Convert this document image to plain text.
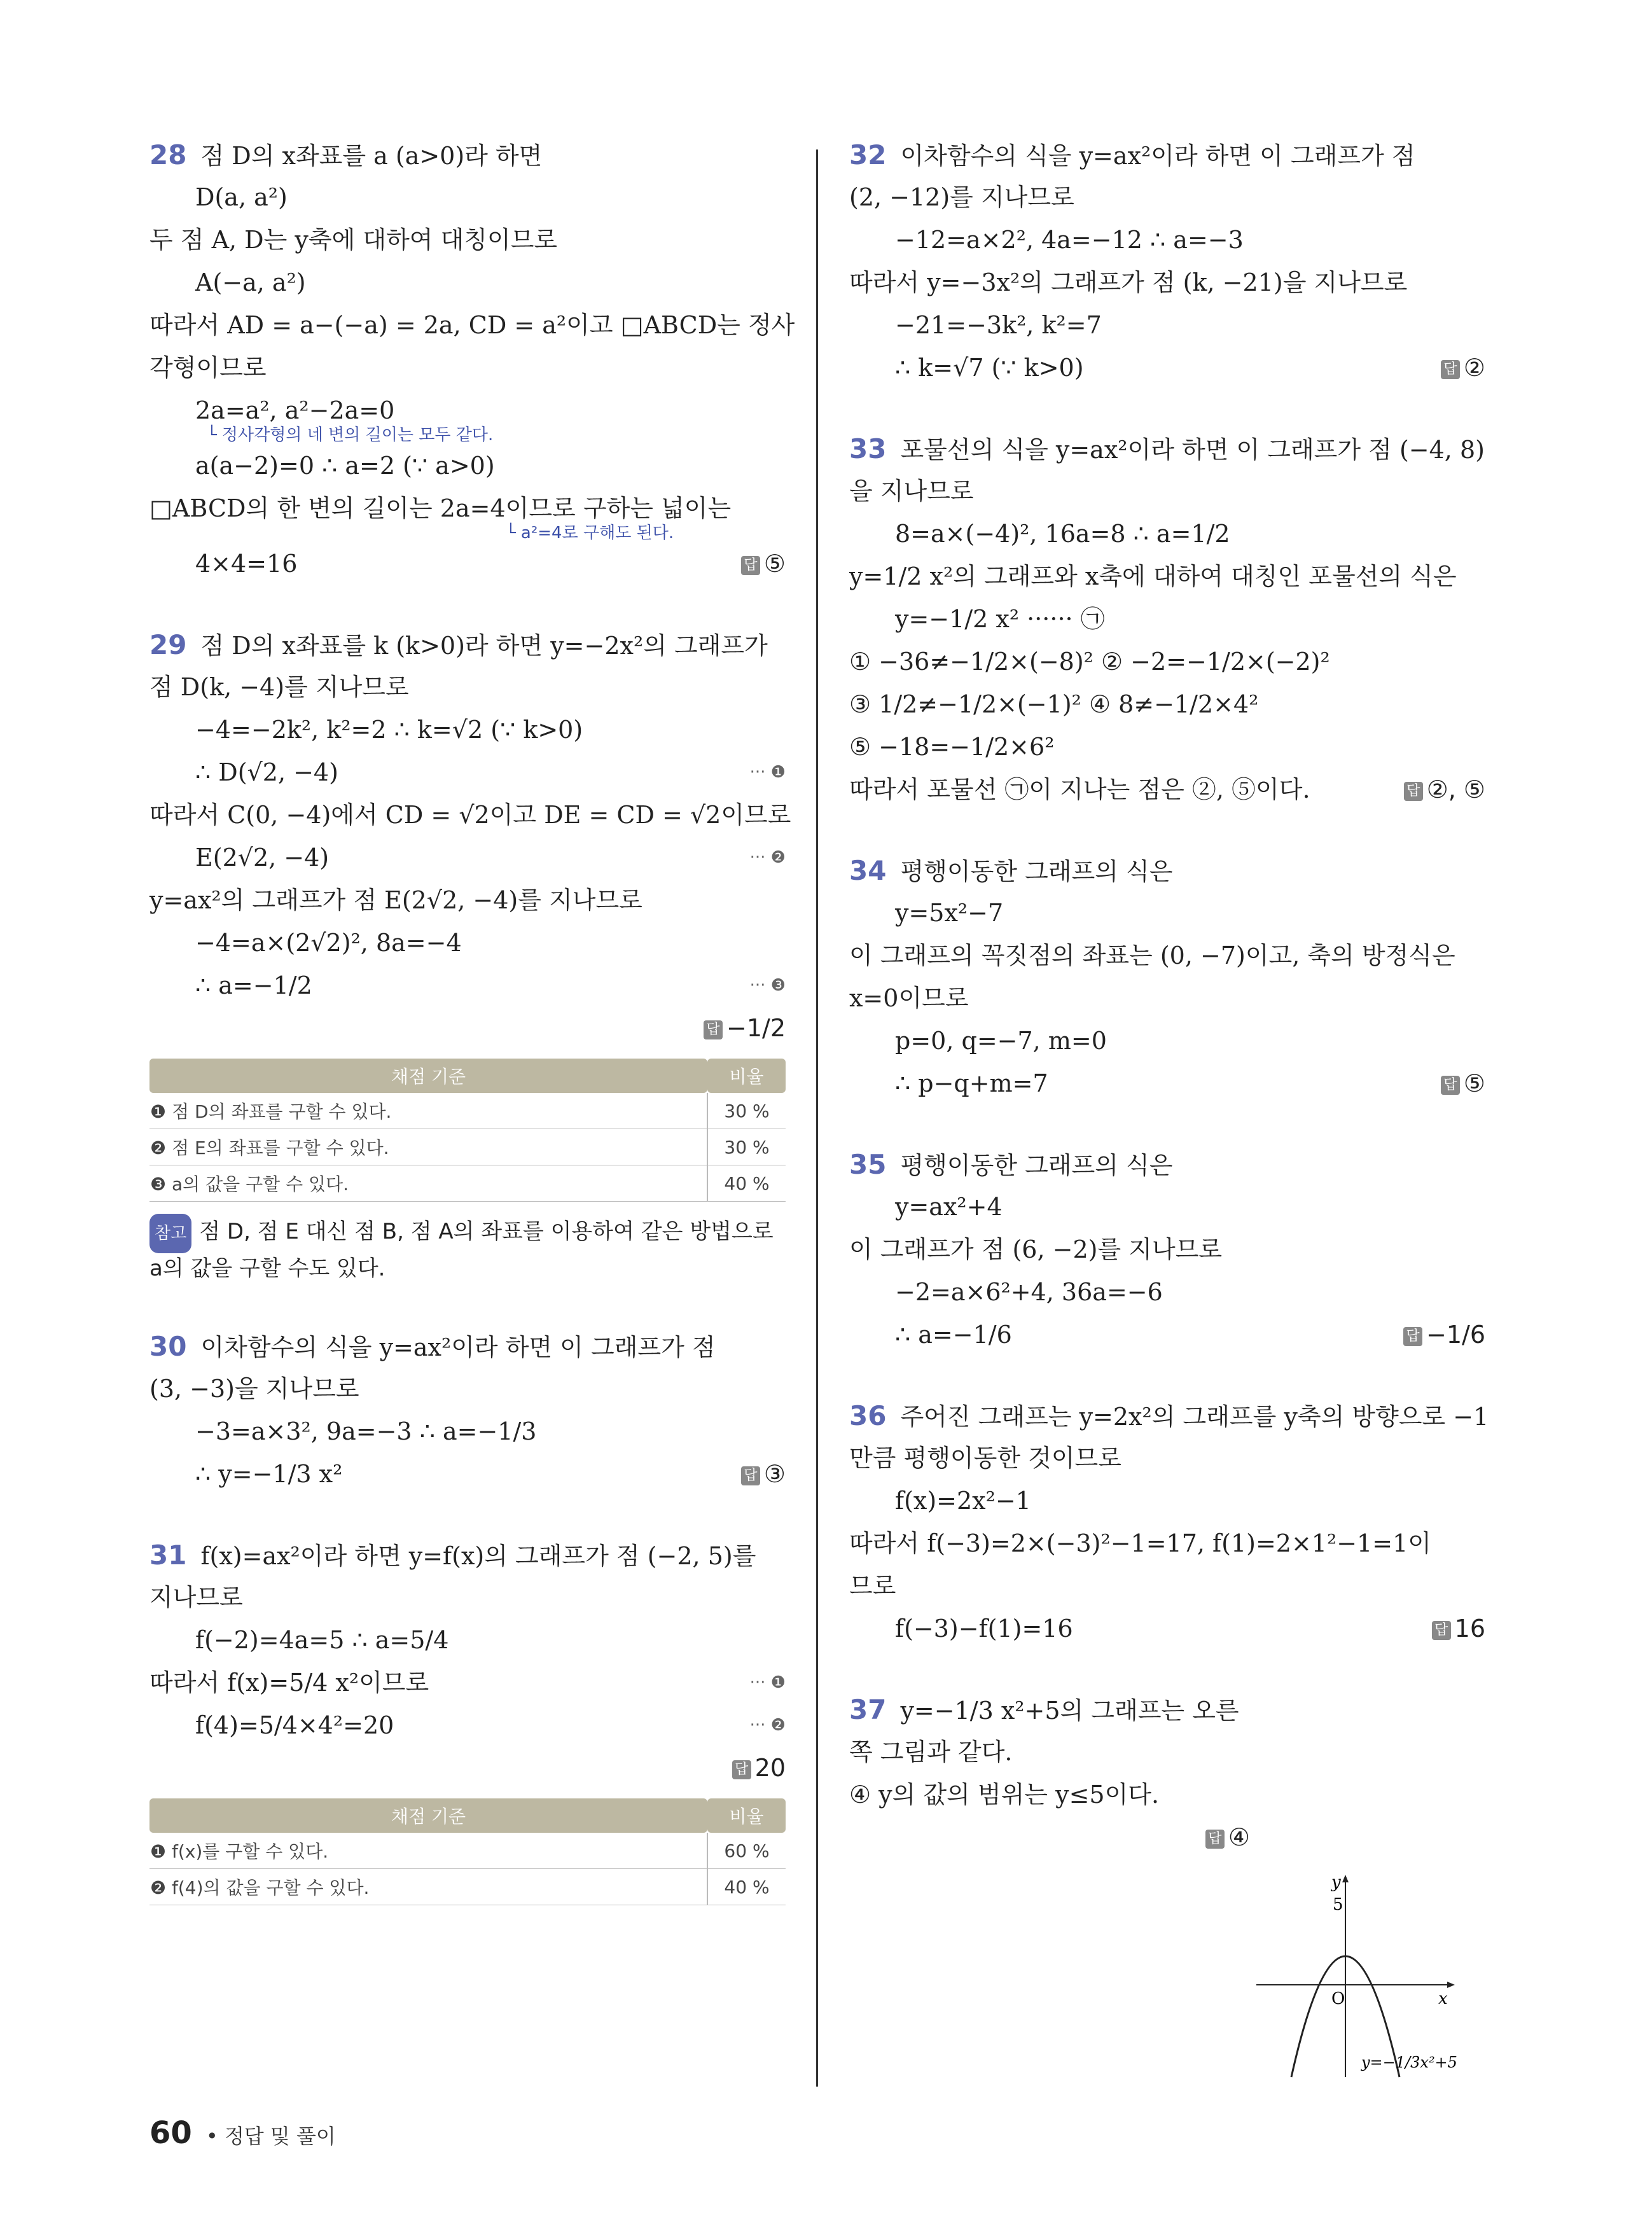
28 점 D의 x좌표를 a (a>0)라 하면
D(a, a²)
두 점 A, D는 y축에 대하여 대칭이므로
A(−a, a²)
따라서 AD = a−(−a) = 2a, CD = a²이고 □ABCD는 정사
각형이므로
2a=a², a²−2a=0
└ 정사각형의 네 변의 길이는 모두 같다.
a(a−2)=0 ∴ a=2 (∵ a>0)
□ABCD의 한 변의 길이는 2a=4이므로 구하는 넓이는
└ a²=4로 구해도 된다.
4×4=16	답 ⑤
29 점 D의 x좌표를 k (k>0)라 하면 y=−2x²의 그래프가
점 D(k, −4)를 지나므로
−4=−2k², k²=2 ∴ k=√2 (∵ k>0)
∴ D(√2, −4)	··· ❶
따라서 C(0, −4)에서 CD = √2이고 DE = CD = √2이므로
E(2√2, −4)	··· ❷
y=ax²의 그래프가 점 E(2√2, −4)를 지나므로
−4=a×(2√2)², 8a=−4
∴ a=−1/2	··· ❸
답 −1/2
채점 기준	비율
❶ 점 D의 좌표를 구할 수 있다.	30 %
❷ 점 E의 좌표를 구할 수 있다.	30 %
❸ a의 값을 구할 수 있다.	40 %
참고 점 D, 점 E 대신 점 B, 점 A의 좌표를 이용하여 같은 방법으로
a의 값을 구할 수도 있다.
30 이차함수의 식을 y=ax²이라 하면 이 그래프가 점
(3, −3)을 지나므로
−3=a×3², 9a=−3 ∴ a=−1/3
∴ y=−1/3 x²	답 ③
31 f(x)=ax²이라 하면 y=f(x)의 그래프가 점 (−2, 5)를
지나므로
f(−2)=4a=5 ∴ a=5/4
따라서 f(x)=5/4 x²이므로	··· ❶
f(4)=5/4×4²=20	··· ❷
답 20
채점 기준	비율
❶ f(x)를 구할 수 있다.	60 %
❷ f(4)의 값을 구할 수 있다.	40 %
32 이차함수의 식을 y=ax²이라 하면 이 그래프가 점
(2, −12)를 지나므로
−12=a×2², 4a=−12 ∴ a=−3
따라서 y=−3x²의 그래프가 점 (k, −21)을 지나므로
−21=−3k², k²=7
∴ k=√7 (∵ k>0)	답 ②
33 포물선의 식을 y=ax²이라 하면 이 그래프가 점 (−4, 8)
을 지나므로
8=a×(−4)², 16a=8 ∴ a=1/2
y=1/2 x²의 그래프와 x축에 대하여 대칭인 포물선의 식은
y=−1/2 x² ······ ㉠
① −36≠−1/2×(−8)² ② −2=−1/2×(−2)²
③ 1/2≠−1/2×(−1)² ④ 8≠−1/2×4²
⑤ −18=−1/2×6²
따라서 포물선 ㉠이 지나는 점은 ②, ⑤이다.	답 ②, ⑤
34 평행이동한 그래프의 식은
y=5x²−7
이 그래프의 꼭짓점의 좌표는 (0, −7)이고, 축의 방정식은
x=0이므로
p=0, q=−7, m=0
∴ p−q+m=7	답 ⑤
35 평행이동한 그래프의 식은
y=ax²+4
이 그래프가 점 (6, −2)를 지나므로
−2=a×6²+4, 36a=−6
∴ a=−1/6	답 −1/6
36 주어진 그래프는 y=2x²의 그래프를 y축의 방향으로 −1
만큼 평행이동한 것이므로
f(x)=2x²−1
따라서 f(−3)=2×(−3)²−1=17, f(1)=2×1²−1=1이
므로
f(−3)−f(1)=16	답 16
37 y=−1/3 x²+5의 그래프는 오른
쪽 그림과 같다.
④ y의 값의 범위는 y≤5이다.
답 ④
y
x
O
5
y=−1/3x²+5
60 • 정답 및 풀이
